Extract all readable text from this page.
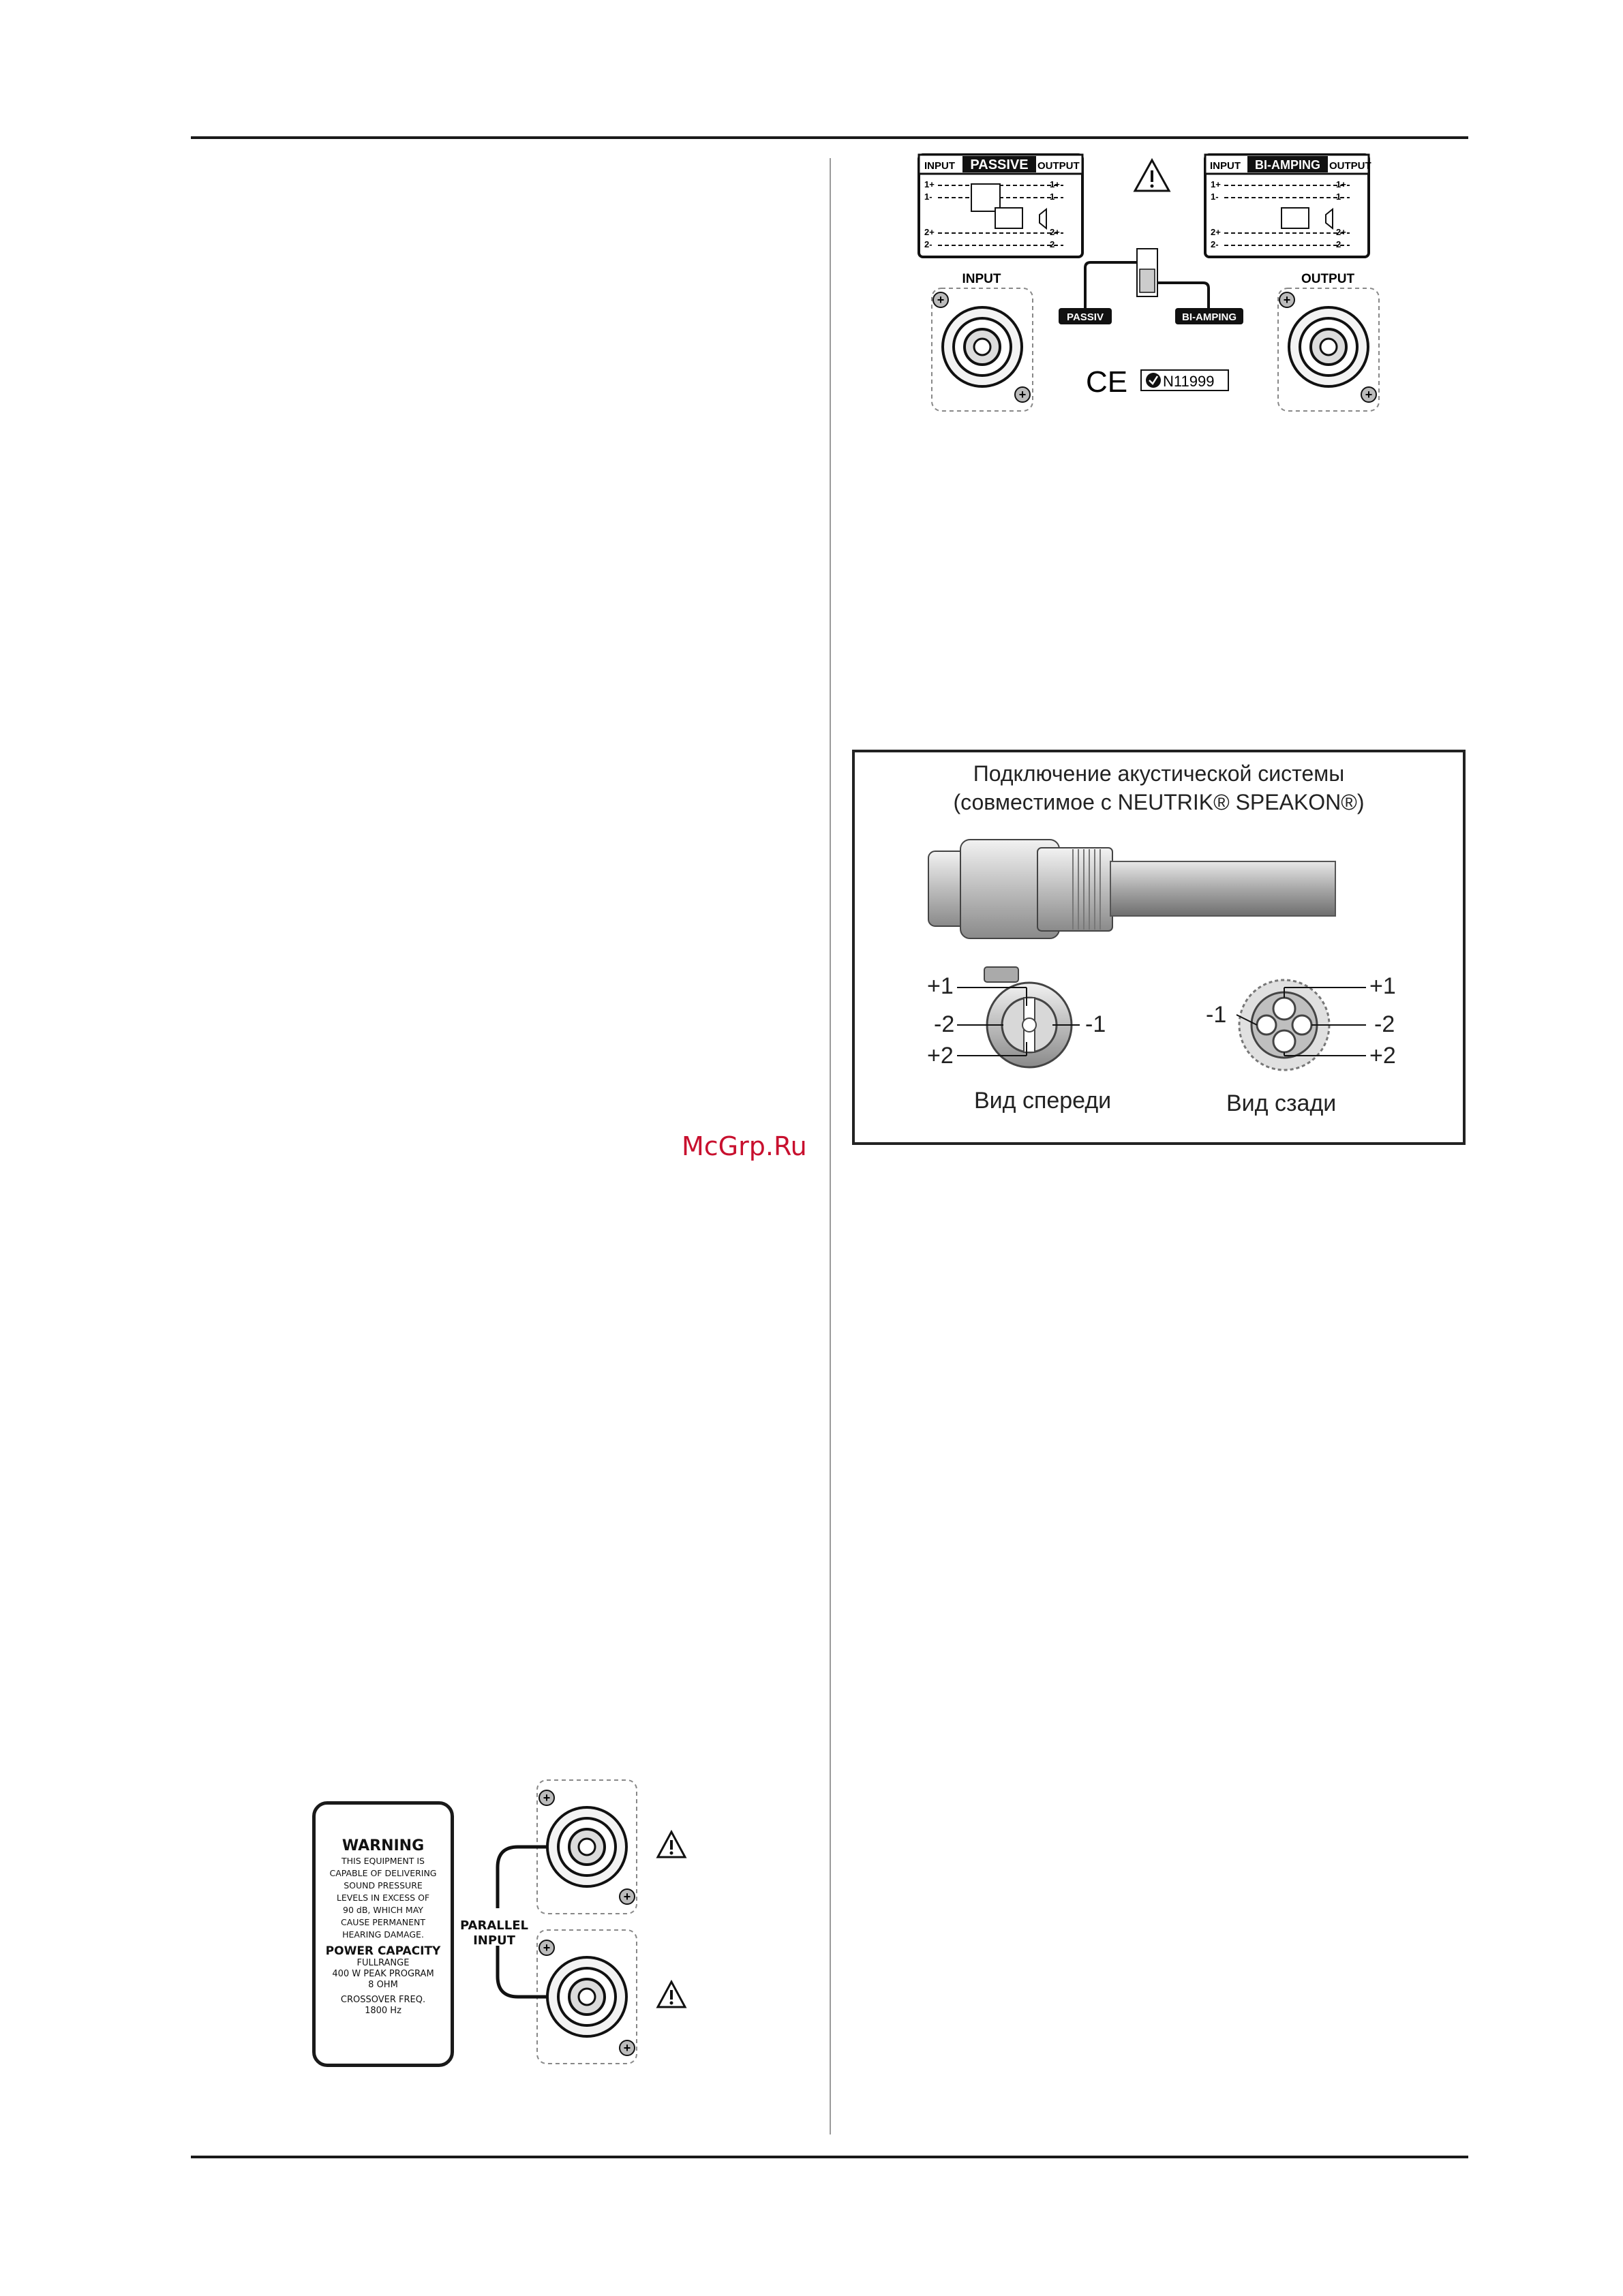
INPUT PASSIVE OUTPUT
1+
1-
2+
2-
1+
1-
2+
2-
INPUT BI-AMPING OUTPUT
1+
1-
2+
2-
1+
1-
2+
2-
INPUT	OUTPUT
+
+
+
+
PASSIV	BI-AMPING
CE N11999
Подключение акустической системы
(совместимое с NEUTRIK® SPEAKON®)
+1
-2
+2
-1
Вид спереди
-1
+1
-2
+2
Вид сзади
McGrp.Ru
WARNING
THIS EQUIPMENT IS
CAPABLE OF DELIVERING
SOUND PRESSURE
LEVELS IN EXCESS OF
90 dB, WHICH MAY
CAUSE PERMANENT
HEARING DAMAGE.
POWER CAPACITY
FULLRANGE
400 W PEAK PROGRAM
8 OHM
CROSSOVER FREQ.
1800 Hz
+
+
+
+
PARALLEL
INPUT
